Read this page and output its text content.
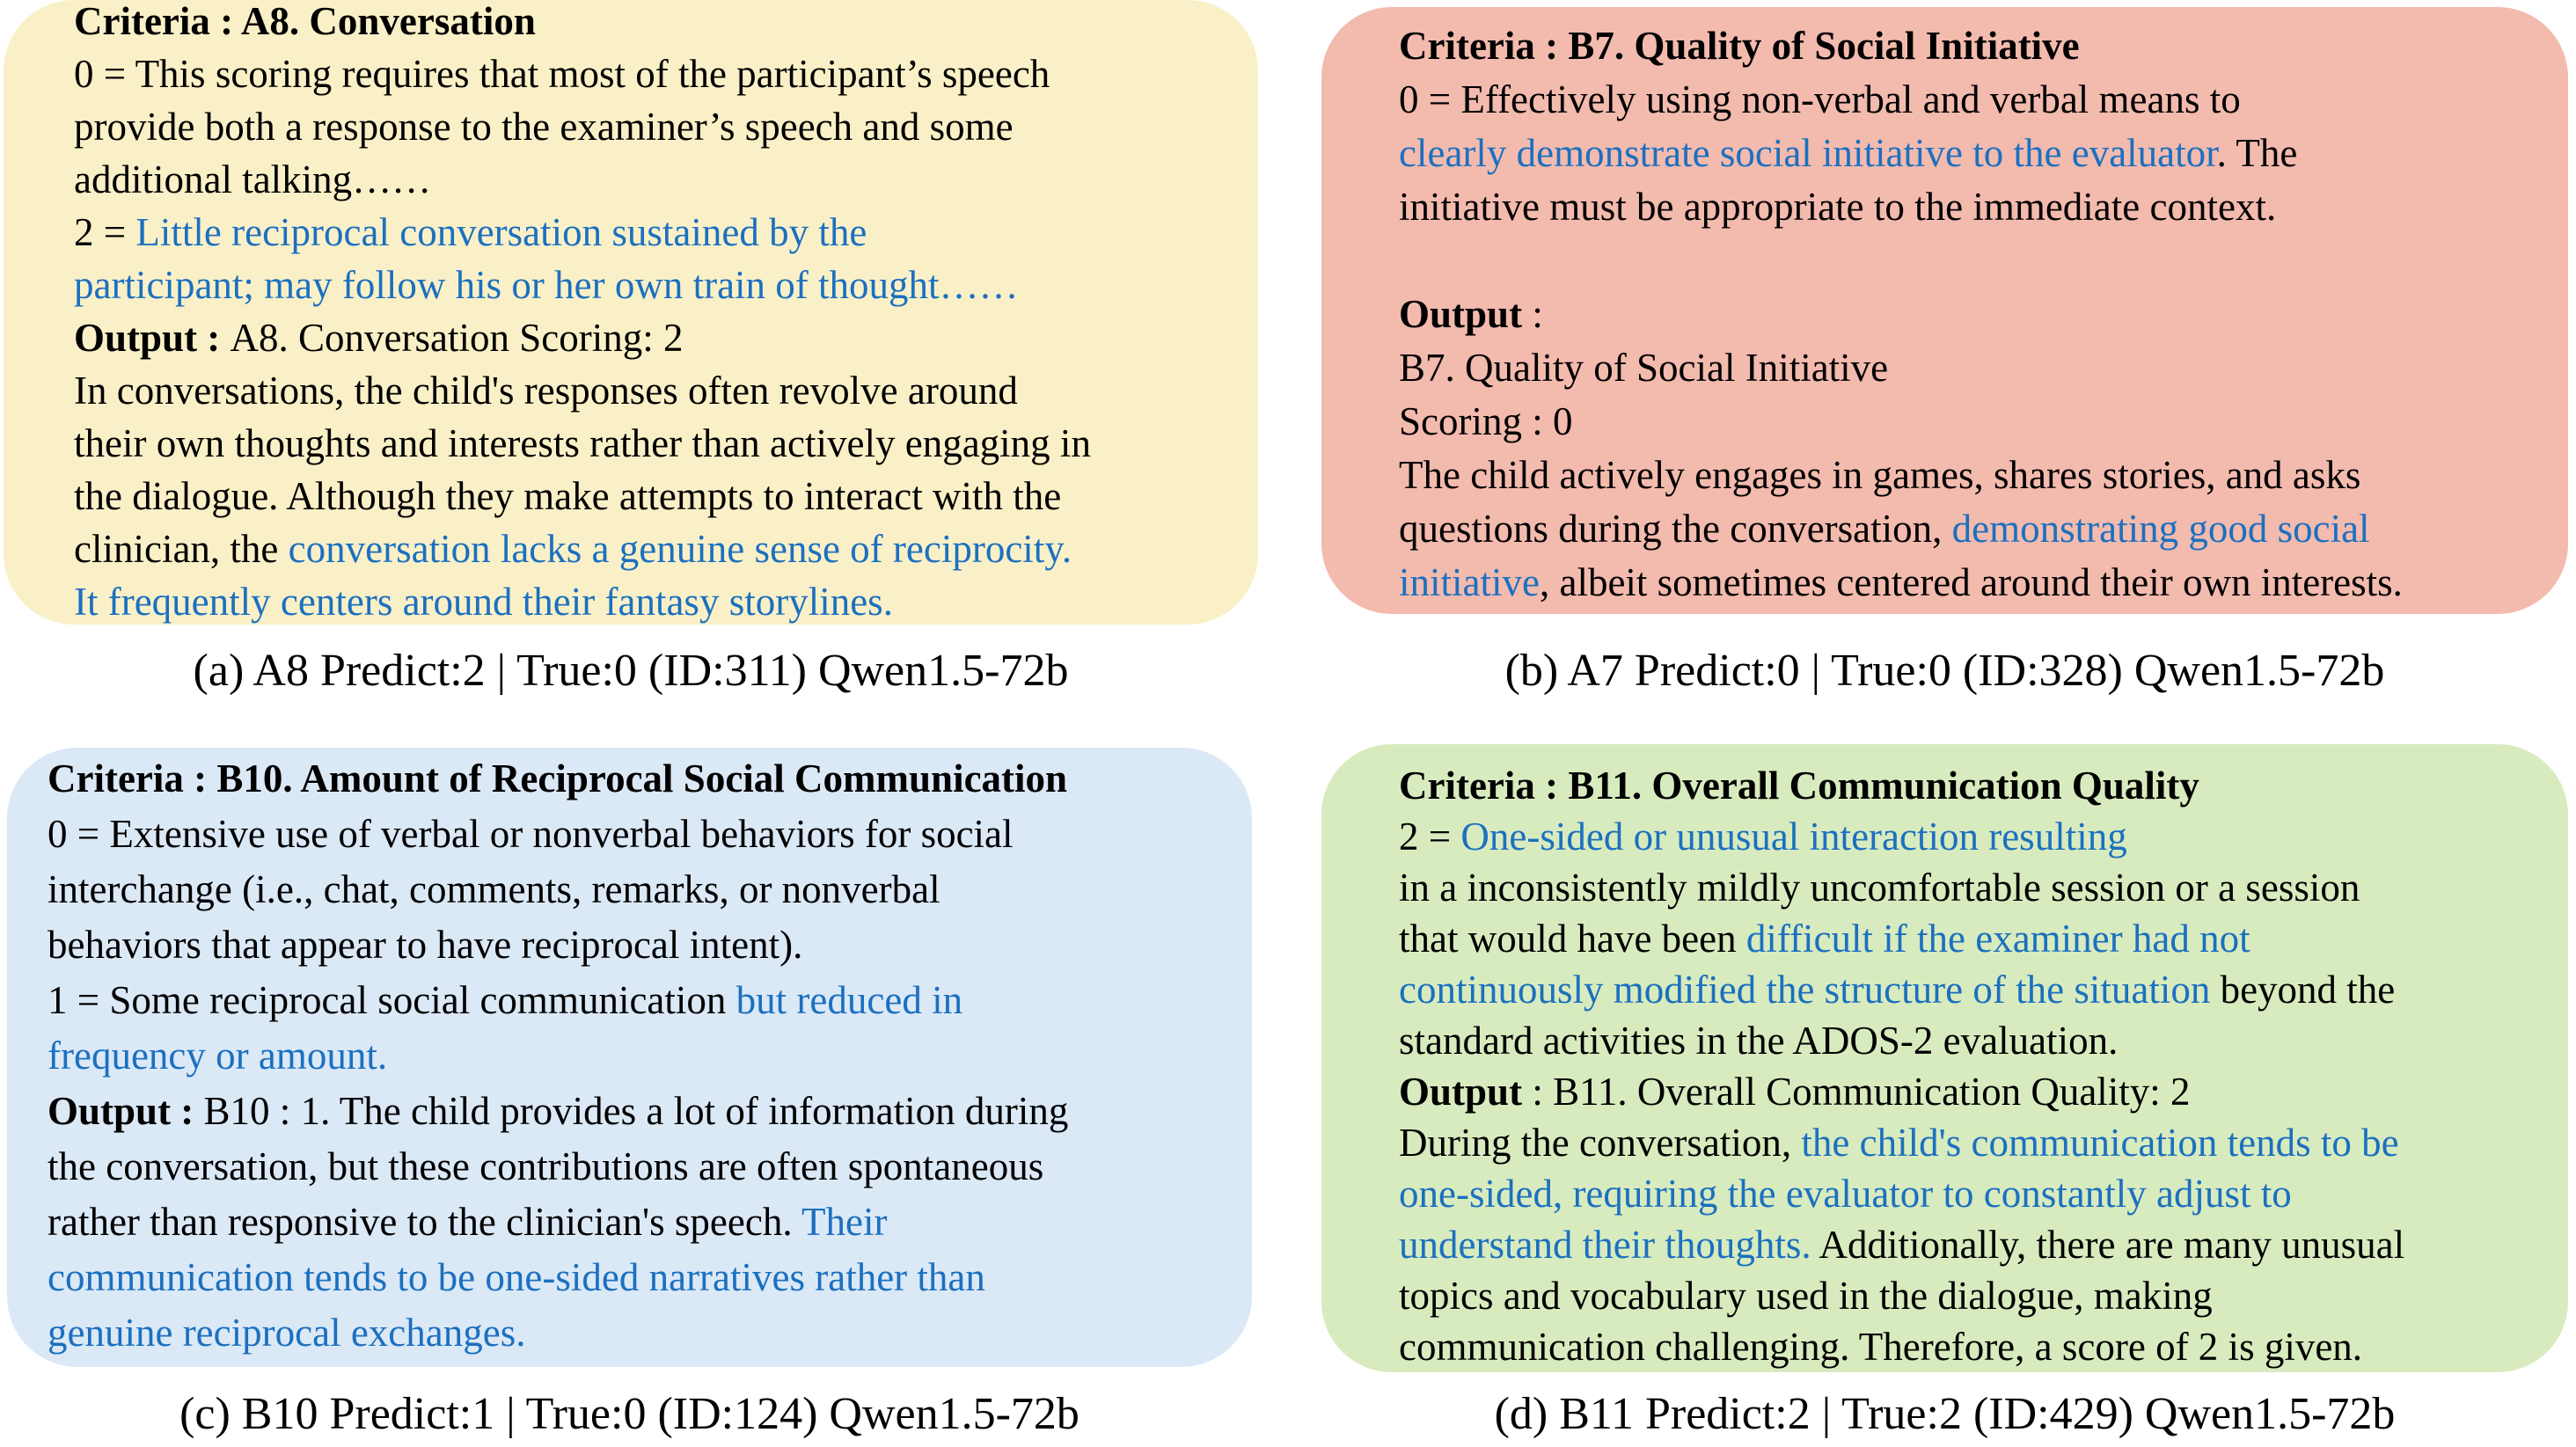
Criteria : A8. Conversation
0 = This scoring requires that most of the participant’s speech
provide both a response to the examiner’s speech and some
additional talking……
2 = Little reciprocal conversation sustained by the
participant; may follow his or her own train of thought……
Output : A8. Conversation Scoring: 2
In conversations, the child's responses often revolve around
their own thoughts and interests rather than actively engaging in
the dialogue. Although they make attempts to interact with the
clinician, the conversation lacks a genuine sense of reciprocity.
It frequently centers around their fantasy storylines.
Criteria : B7. Quality of Social Initiative
0 = Effectively using non-verbal and verbal means to
clearly demonstrate social initiative to the evaluator. The
initiative must be appropriate to the immediate context.

Output :
B7. Quality of Social Initiative
Scoring : 0
The child actively engages in games, shares stories, and asks
questions during the conversation, demonstrating good social
initiative, albeit sometimes centered around their own interests.
Criteria : B10. Amount of Reciprocal Social Communication
0 = Extensive use of verbal or nonverbal behaviors for social
interchange (i.e., chat, comments, remarks, or nonverbal
behaviors that appear to have reciprocal intent).
1 = Some reciprocal social communication but reduced in
frequency or amount.
Output : B10 : 1. The child provides a lot of information during
the conversation, but these contributions are often spontaneous
rather than responsive to the clinician's speech. Their
communication tends to be one-sided narratives rather than
genuine reciprocal exchanges.
Criteria : B11. Overall Communication Quality
2 = One-sided or unusual interaction resulting
in a inconsistently mildly uncomfortable session or a session
that would have been difficult if the examiner had not
continuously modified the structure of the situation beyond the
standard activities in the ADOS-2 evaluation.
Output : B11. Overall Communication Quality: 2
During the conversation, the child's communication tends to be
one-sided, requiring the evaluator to constantly adjust to
understand their thoughts. Additionally, there are many unusual
topics and vocabulary used in the dialogue, making
communication challenging. Therefore, a score of 2 is given.
(a) A8 Predict:2 | True:0 (ID:311) Qwen1.5-72b	(b) A7 Predict:0 | True:0 (ID:328) Qwen1.5-72b
(c) B10 Predict:1 | True:0 (ID:124) Qwen1.5-72b	(d) B11 Predict:2 | True:2 (ID:429) Qwen1.5-72b
